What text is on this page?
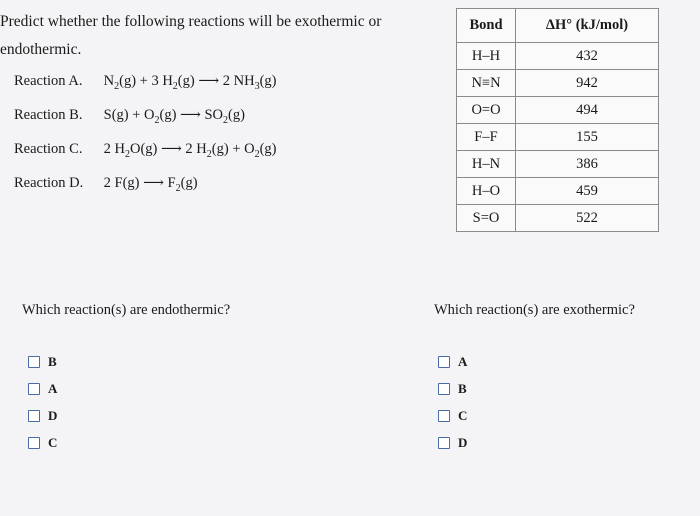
Predict whether the following reactions will be exothermic or endothermic.
Reaction A. $N_2(g) + 3$ $H_2(g)$ ⟶ 2 $NH_3(g)$
Reaction B. $S(g) + O_2(g)$ ⟶ $SO_2(g)$
Reaction C. 2 $H_2O(g)$ ⟶ 2 $H_2(g) + O_2(g)$
Reaction D. 2 F(g) ⟶ $F_2(g)$
Bond	ΔH° (kJ/mol)
H–H	432
N≡N	942
O=O	494
F–F	155
H–N	386
H–O	459
S=O	522
Which reaction(s) are endothermic?	Which reaction(s) are exothermic?
B
A
D
C
A
B
C
D
